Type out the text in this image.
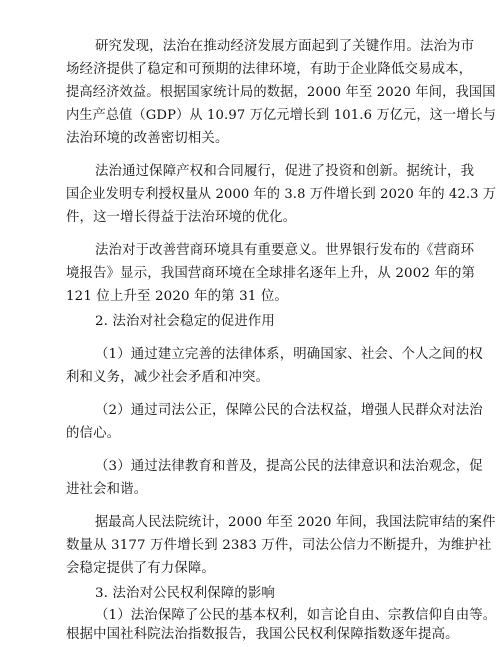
研究发现，法治在推动经济发展方面起到了关键作用。法治为市
场经济提供了稳定和可预期的法律环境，有助于企业降低交易成本，
提高经济效益。根据国家统计局的数据，2000 年至 2020 年间，我国国
内生产总值（GDP）从 10.97 万亿元增长到 101.6 万亿元，这一增长与
法治环境的改善密切相关。
法治通过保障产权和合同履行，促进了投资和创新。据统计，我
国企业发明专利授权量从 2000 年的 3.8 万件增长到 2020 年的 42.3 万
件，这一增长得益于法治环境的优化。
法治对于改善营商环境具有重要意义。世界银行发布的《营商环
境报告》显示，我国营商环境在全球排名逐年上升，从 2002 年的第
121 位上升至 2020 年的第 31 位。
2. 法治对社会稳定的促进作用
（1）通过建立完善的法律体系，明确国家、社会、个人之间的权
利和义务，减少社会矛盾和冲突。
（2）通过司法公正，保障公民的合法权益，增强人民群众对法治
的信心。
（3）通过法律教育和普及，提高公民的法律意识和法治观念，促
进社会和谐。
据最高人民法院统计，2000 年至 2020 年间，我国法院审结的案件
数量从 3177 万件增长到 2383 万件，司法公信力不断提升，为维护社
会稳定提供了有力保障。
3. 法治对公民权利保障的影响
（1）法治保障了公民的基本权利，如言论自由、宗教信仰自由等。
根据中国社科院法治指数报告，我国公民权利保障指数逐年提高。
